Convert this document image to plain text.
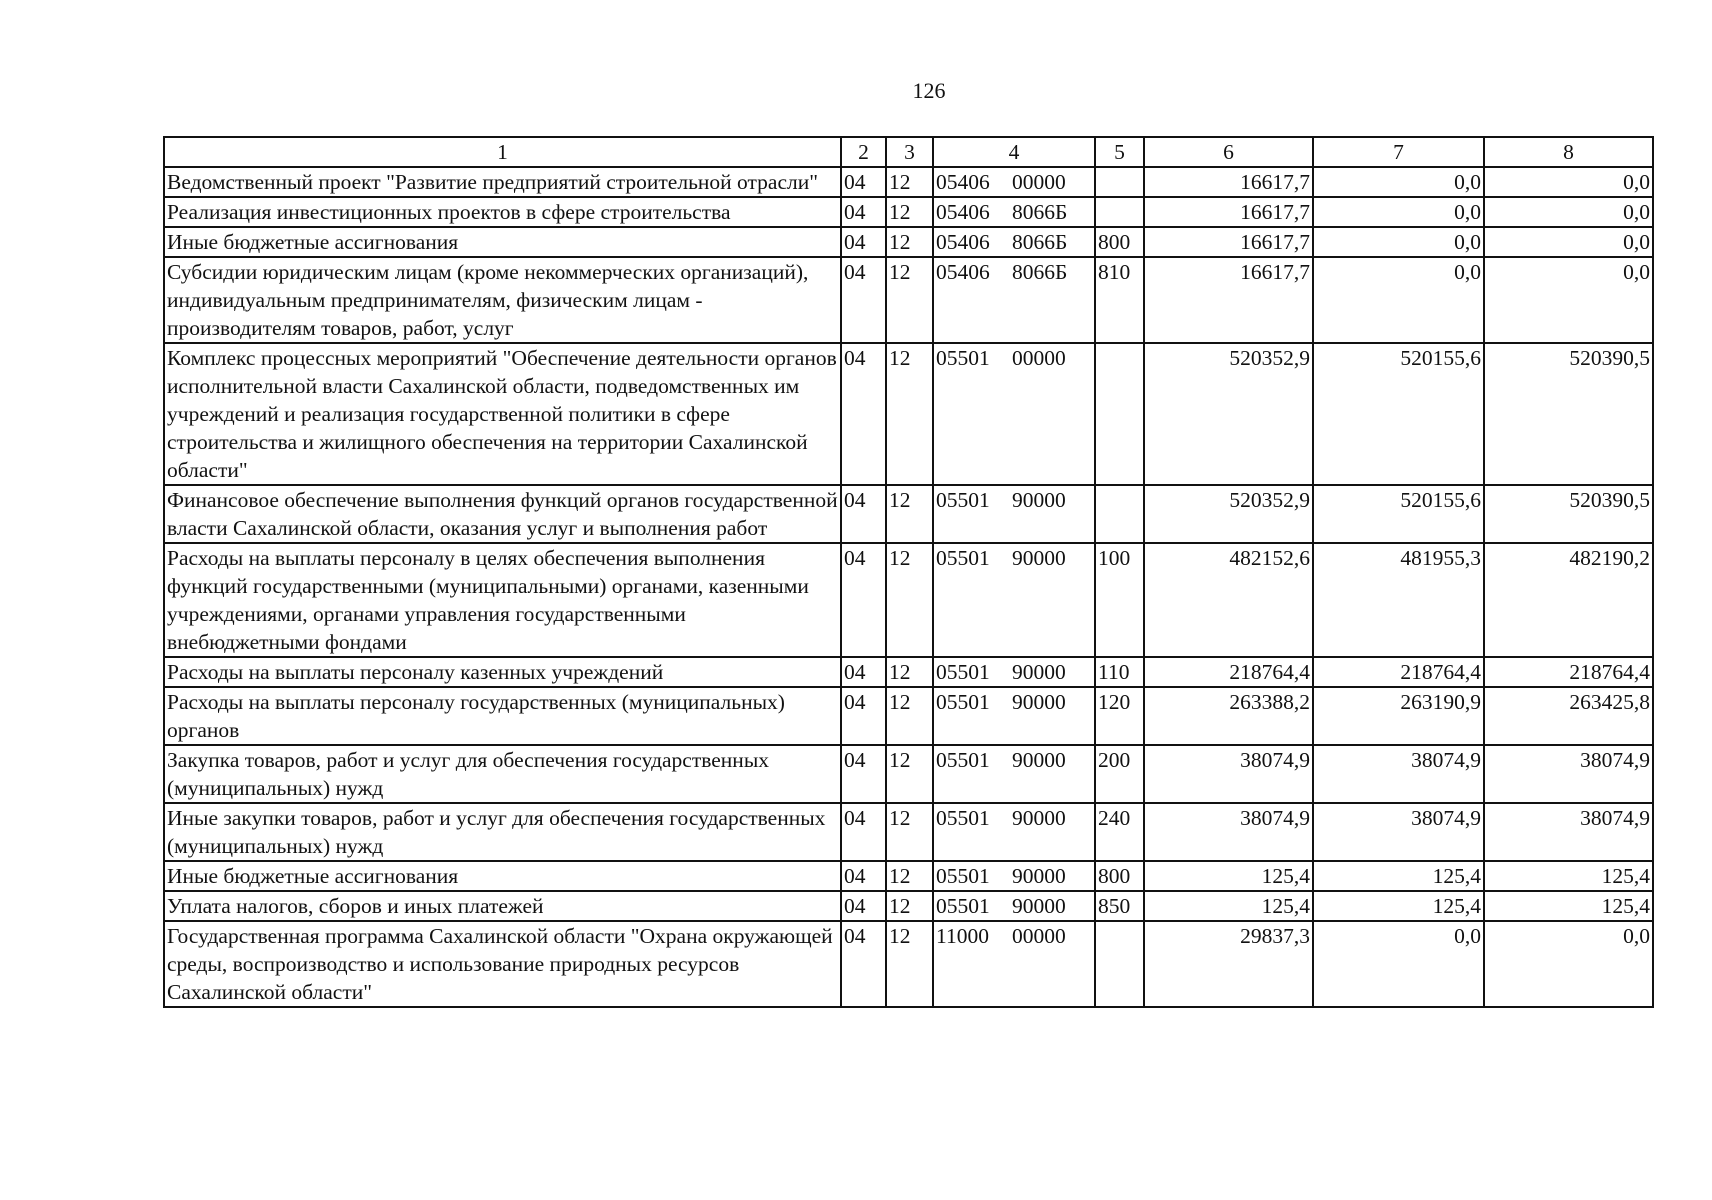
126
1	2	3	4	5	6	7	8
Ведомственный проект "Развитие предприятий строительной отрасли"	04	12	05406 00000		16617,7	0,0	0,0
Реализация инвестиционных проектов в сфере строительства	04	12	05406 8066Б		16617,7	0,0	0,0
Иные бюджетные ассигнования	04	12	05406 8066Б	800	16617,7	0,0	0,0
Субсидии юридическим лицам (кроме некоммерческих организаций), индивидуальным предпринимателям, физическим лицам - производителям товаров, работ, услуг	04	12	05406 8066Б	810	16617,7	0,0	0,0
Комплекс процессных мероприятий "Обеспечение деятельности органов исполнительной власти Сахалинской области, подведомственных им учреждений и реализация государственной политики в сфере строительства и жилищного обеспечения на территории Сахалинской области"	04	12	05501 00000		520352,9	520155,6	520390,5
Финансовое обеспечение выполнения функций органов государственной власти Сахалинской области, оказания услуг и выполнения работ	04	12	05501 90000		520352,9	520155,6	520390,5
Расходы на выплаты персоналу в целях обеспечения выполнения функций государственными (муниципальными) органами, казенными учреждениями, органами управления государственными внебюджетными фондами	04	12	05501 90000	100	482152,6	481955,3	482190,2
Расходы на выплаты персоналу казенных учреждений	04	12	05501 90000	110	218764,4	218764,4	218764,4
Расходы на выплаты персоналу государственных (муниципальных) органов	04	12	05501 90000	120	263388,2	263190,9	263425,8
Закупка товаров, работ и услуг для обеспечения государственных (муниципальных) нужд	04	12	05501 90000	200	38074,9	38074,9	38074,9
Иные закупки товаров, работ и услуг для обеспечения государственных (муниципальных) нужд	04	12	05501 90000	240	38074,9	38074,9	38074,9
Иные бюджетные ассигнования	04	12	05501 90000	800	125,4	125,4	125,4
Уплата налогов, сборов и иных платежей	04	12	05501 90000	850	125,4	125,4	125,4
Государственная программа Сахалинской области "Охрана окружающей среды, воспроизводство и использование природных ресурсов Сахалинской области"	04	12	11000 00000		29837,3	0,0	0,0
